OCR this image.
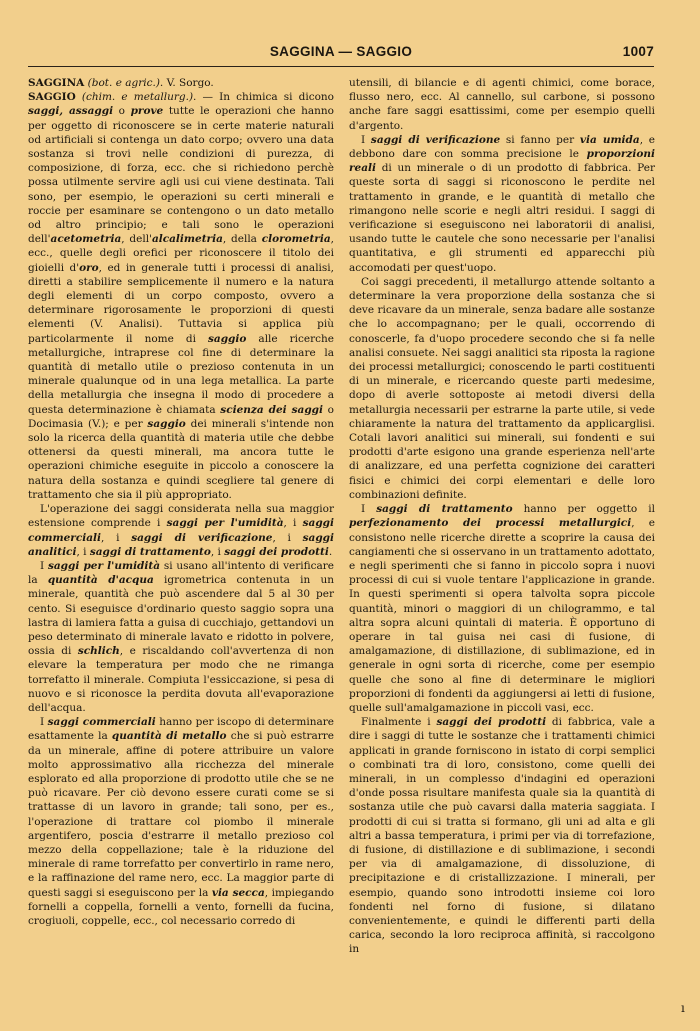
SAGGINA — SAGGIO	1007

SAGGINA (bot. e agric.). V. Sorgo.

SAGGIO (chim. e metallurg.). — In chimica si dicono saggi, assaggi o prove tutte le operazioni che hanno per oggetto di riconoscere se in certe materie naturali od artificiali si contenga un dato corpo; ovvero una data sostanza si trovi nelle condizioni di purezza, di composizione, di forza, ecc. che si richiedono perchè possa utilmente servire agli usi cui viene destinata. Tali sono, per esempio, le operazioni su certi minerali e roccie per esaminare se contengono o un dato metallo od altro principio; e tali sono le operazioni dell'acetometria, dell'alcalimetria, della clorometria, ecc., quelle degli orefici per riconoscere il titolo dei gioielli d'oro, ed in generale tutti i processi di analisi, diretti a stabilire semplicemente il numero e la natura degli elementi di un corpo composto, ovvero a determinare rigorosamente le proporzioni di questi elementi (V. Analisi). Tuttavia si applica più particolarmente il nome di saggio alle ricerche metallurgiche, intraprese col fine di determinare la quantità di metallo utile o prezioso contenuta in un minerale qualunque od in una lega metallica. La parte della metallurgia che insegna il modo di procedere a questa determinazione è chiamata scienza dei saggi o Docimasia (V.); e per saggio dei minerali s'intende non solo la ricerca della quantità di materia utile che debbe ottenersi da questi minerali, ma ancora tutte le operazioni chimiche eseguite in piccolo a conoscere la natura della sostanza e quindi scegliere tal genere di trattamento che sia il più appropriato.

L'operazione dei saggi considerata nella sua maggior estensione comprende i saggi per l'umidità, i saggi commerciali, i saggi di verificazione, i saggi analitici, i saggi di trattamento, i saggi dei prodotti.

I saggi per l'umidità si usano all'intento di verificare la quantità d'acqua igrometrica contenuta in un minerale, quantità che può ascendere dal 5 al 30 per cento. Si eseguisce d'ordinario questo saggio sopra una lastra di lamiera fatta a guisa di cucchiajo, gettandovi un peso determinato di minerale lavato e ridotto in polvere, ossia di schlich, e riscaldando coll'avvertenza di non elevare la temperatura per modo che ne rimanga torrefatto il minerale. Compiuta l'essiccazione, si pesa di nuovo e si riconosce la perdita dovuta all'evaporazione dell'acqua.

I saggi commerciali hanno per iscopo di determinare esattamente la quantità di metallo che si può estrarre da un minerale, affine di potere attribuire un valore molto approssimativo alla ricchezza del minerale esplorato ed alla proporzione di prodotto utile che se ne può ricavare. Per ciò devono essere curati come se si trattasse di un lavoro in grande; tali sono, per es., l'operazione di trattare col piombo il minerale argentifero, poscia d'estrarre il metallo prezioso col mezzo della coppellazione; tale è la riduzione del minerale di rame torrefatto per convertirlo in rame nero, e la raffinazione del rame nero, ecc. La maggior parte di questi saggi si eseguiscono per la via secca, impiegando fornelli a coppella, fornelli a vento, fornelli da fucina, crogiuoli, coppelle, ecc., col necessario corredo di

utensili, di bilancie e di agenti chimici, come borace, flusso nero, ecc. Al cannello, sul carbone, si possono anche fare saggi esattissimi, come per esempio quelli d'argento.

I saggi di verificazione si fanno per via umida, e debbono dare con somma precisione le proporzioni reali di un minerale o di un prodotto di fabbrica. Per queste sorta di saggi si riconoscono le perdite nel trattamento in grande, e le quantità di metallo che rimangono nelle scorie e negli altri residui. I saggi di verificazione si eseguiscono nei laboratorii di analisi, usando tutte le cautele che sono necessarie per l'analisi quantitativa, e gli strumenti ed apparecchi più accomodati per quest'uopo.

Coi saggi precedenti, il metallurgo attende soltanto a determinare la vera proporzione della sostanza che si deve ricavare da un minerale, senza badare alle sostanze che lo accompagnano; per le quali, occorrendo di conoscerle, fa d'uopo procedere secondo che si fa nelle analisi consuete. Nei saggi analitici sta riposta la ragione dei processi metallurgici; conoscendo le parti costituenti di un minerale, e ricercando queste parti medesime, dopo di averle sottoposte ai metodi diversi della metallurgia necessarii per estrarne la parte utile, si vede chiaramente la natura del trattamento da applicarglisi. Cotali lavori analitici sui minerali, sui fondenti e sui prodotti d'arte esigono una grande esperienza nell'arte di analizzare, ed una perfetta cognizione dei caratteri fisici e chimici dei corpi elementari e delle loro combinazioni definite.

I saggi di trattamento hanno per oggetto il perfezionamento dei processi metallurgici, e consistono nelle ricerche dirette a scoprire la causa dei cangiamenti che si osservano in un trattamento adottato, e negli sperimenti che si fanno in piccolo sopra i nuovi processi di cui si vuole tentare l'applicazione in grande. In questi sperimenti si opera talvolta sopra piccole quantità, minori o maggiori di un chilogrammo, e tal altra sopra alcuni quintali di materia. È opportuno di operare in tal guisa nei casi di fusione, di amalgamazione, di distillazione, di sublimazione, ed in generale in ogni sorta di ricerche, come per esempio quelle che sono al fine di determinare le migliori proporzioni di fondenti da aggiungersi ai letti di fusione, quelle sull'amalgamazione in piccoli vasi, ecc.

Finalmente i saggi dei prodotti di fabbrica, vale a dire i saggi di tutte le sostanze che i trattamenti chimici applicati in grande forniscono in istato di corpi semplici o combinati tra di loro, consistono, come quelli dei minerali, in un complesso d'indagini ed operazioni d'onde possa risultare manifesta quale sia la quantità di sostanza utile che può cavarsi dalla materia saggiata. I prodotti di cui si tratta si formano, gli uni ad alta e gli altri a bassa temperatura, i primi per via di torrefazione, di fusione, di distillazione e di sublimazione, i secondi per via di amalgamazione, di dissoluzione, di precipitazione e di cristallizzazione. I minerali, per esempio, quando sono introdotti insieme coi loro fondenti nel forno di fusione, si dilatano convenientemente, e quindi le differenti parti della carica, secondo la loro reciproca affinità, si raccolgono in

ı
